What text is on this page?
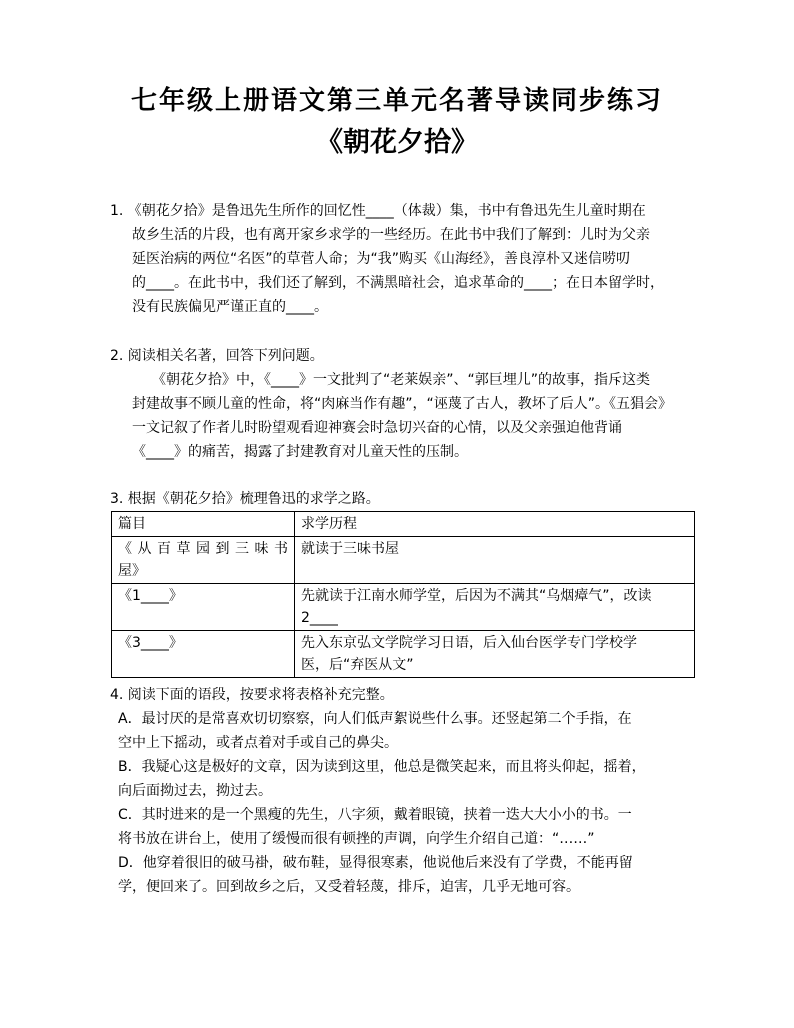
七年级上册语文第三单元名著导读同步练习
《朝花夕拾》
1. 《朝花夕拾》是鲁迅先生所作的回忆性____（体裁）集，书中有鲁迅先生儿童时期在
故乡生活的片段，也有离开家乡求学的一些经历。在此书中我们了解到：儿时为父亲
延医治病的两位“名医”的草菅人命；为“我”购买《山海经》，善良淳朴又迷信唠叨
的____。在此书中，我们还了解到，不满黑暗社会，追求革命的____；在日本留学时，
没有民族偏见严谨正直的____。
2. 阅读相关名著，回答下列问题。
《朝花夕拾》中，《____》一文批判了“老莱娱亲”、“郭巨埋儿”的故事，指斥这类
封建故事不顾儿童的性命，将“肉麻当作有趣”，“诬蔑了古人，教坏了后人”。《五猖会》
一文记叙了作者儿时盼望观看迎神赛会时急切兴奋的心情，以及父亲强迫他背诵
《____》的痛苦，揭露了封建教育对儿童天性的压制。
3. 根据《朝花夕拾》梳理鲁迅的求学之路。
篇目	求学历程

《从百草园到三味书
屋》	就读于三味书屋

《1____》	先就读于江南水师学堂，后因为不满其“乌烟瘴气”，改读
2____

《3____》	先入东京弘文学院学习日语，后入仙台医学专门学校学
医，后“弃医从文”
4. 阅读下面的语段，按要求将表格补充完整。
A．最讨厌的是常喜欢切切察察，向人们低声絮说些什么事。还竖起第二个手指，在
空中上下摇动，或者点着对手或自己的鼻尖。
B．我疑心这是极好的文章，因为读到这里，他总是微笑起来，而且将头仰起，摇着，
向后面拗过去，拗过去。
C．其时进来的是一个黑瘦的先生，八字须，戴着眼镜，挟着一迭大大小小的书。一
将书放在讲台上，使用了缓慢而很有顿挫的声调，向学生介绍自己道：“……”
D．他穿着很旧的破马褂，破布鞋，显得很寒素，他说他后来没有了学费，不能再留
学，便回来了。回到故乡之后，又受着轻蔑，排斥，迫害，几乎无地可容。
